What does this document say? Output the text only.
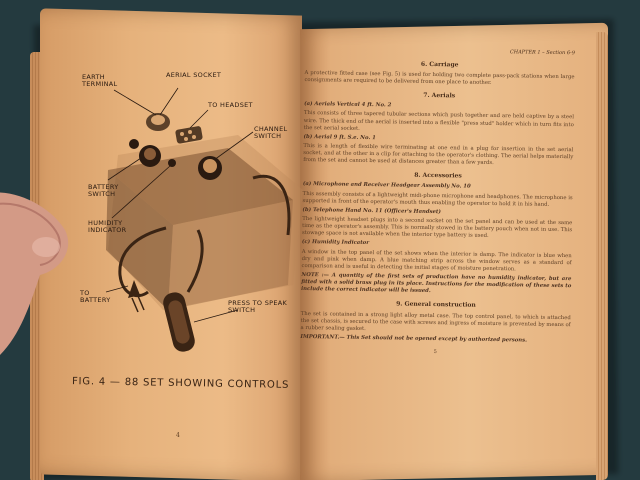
EARTH TERMINAL
AERIAL SOCKET
TO HEADSET
CHANNEL SWITCH
BATTERY SWITCH
HUMIDITY INDICATOR
TO BATTERY	PRESS TO SPEAK SWITCH
FIG. 4 — 88 SET SHOWING CONTROLS
4
CHAPTER 1 – Section 6-9
6. Carriage
A protective fitted case (see Fig. 5) is used for holding two complete pass-pack stations when large consignments are required to be delivered from one place to another.
7. Aerials
(a) Aerials Vertical 4 ft. No. 2
This consists of three tapered tubular sections which push together and are held captive by a steel wire. The thick end of the aerial is inserted into a flexible "press stud" holder which in turn fits into the set aerial socket.
(b) Aerial 9 ft. S.e. No. 1
This is a length of flexible wire terminating at one end in a plug for insertion in the set aerial socket, and at the other in a clip for attaching to the operator's clothing. The aerial helps materially from the set and cannot be used at distances greater than a few yards.
8. Accessories
(a) Microphone and Receiver Headgear Assembly No. 10
This assembly consists of a lightweight midi-phone microphone and headphones. The microphone is supported in front of the operator's mouth thus enabling the operator to hold it in his hand.
(b) Telephone Hand No. 11 (Officer's Handset)
The lightweight headset plugs into a second socket on the set panel and can be used at the same time as the operator's assembly. This is normally stowed in the battery pouch when not in use. This stowage space is not available when the interior type battery is used.
(c) Humidity Indicator
A window in the top panel of the set shows when the interior is damp. The indicator is blue when dry and pink when damp. A blue matching strip across the window serves as a standard of comparison and is useful in detecting the initial stages of moisture penetration.
NOTE :— A quantity of the first sets of production have no humidity indicator, but are fitted with a solid brass plug in its place. Instructions for the modification of these sets to include the correct indicator will be issued.
9. General construction
The set is contained in a strong light alloy metal case. The top control panel, to which is attached the set chassis, is secured to the case with screws and ingress of moisture is prevented by means of a rubber sealing gasket.
IMPORTANT.— This Set should not be opened except by authorized persons.
5
